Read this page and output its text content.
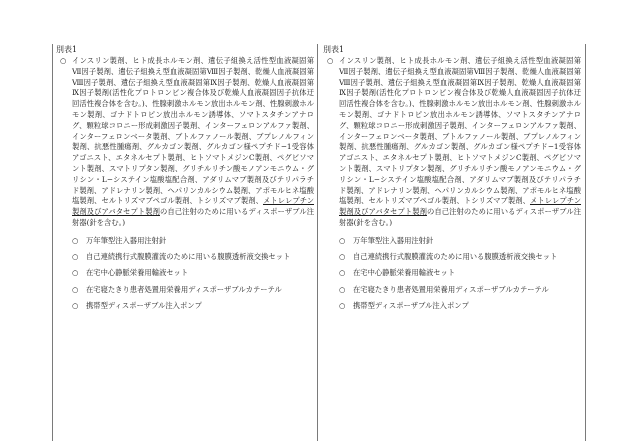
別表1

○ インスリン製剤、ヒト成長ホルモン剤、遺伝子組換え活性型血液凝固第Ⅶ因子製剤、遺伝子組換え型血液凝固第Ⅷ因子製剤、乾燥人血液凝固第Ⅷ因子製剤、遺伝子組換え型血液凝固第Ⅸ因子製剤、乾燥人血液凝固第Ⅸ因子製剤(活性化プロトロンビン複合体及び乾燥人血液凝固因子抗体迂回活性複合体を含む。)、性腺刺激ホルモン放出ホルモン剤、性腺刺激ホルモン製剤、ゴナドトロピン放出ホルモン誘導体、ソマトスタチンアナログ、顆粒球コロニー形成刺激因子製剤、インターフェロンアルファ製剤、インターフェロンベータ製剤、ブトルファノール製剤、ブプレノルフィン製剤、抗悪性腫瘍剤、グルカゴン製剤、グルカゴン様ペプチド−1受容体アゴニスト、エタネルセプト製剤、ヒトソマトメジンC製剤、ペグビソマント製剤、スマトリプタン製剤、グリチルリチン酸モノアンモニウム・グリシン・L−システイン塩酸塩配合剤、アダリムマブ製剤及びテリパラチド製剤、アドレナリン製剤、ヘパリンカルシウム製剤、アポモルヒネ塩酸塩製剤、セルトリズマブペゴル製剤、トシリズマブ製剤、メトレレプチン製剤及びアバタセプト製剤の自己注射のために用いるディスポーザブル注射器(針を含む。)

○ 万年筆型注入器用注射針
○ 自己連続携行式腹膜灌流のために用いる腹膜透析液交換セット
○ 在宅中心静脈栄養用輸液セット
○ 在宅寝たきり患者処置用栄養用ディスポーザブルカテーテル
○ 携帯型ディスポーザブル注入ポンプ

別表1

○ インスリン製剤、ヒト成長ホルモン剤、遺伝子組換え活性型血液凝固第Ⅶ因子製剤、遺伝子組換え型血液凝固第Ⅷ因子製剤、乾燥人血液凝固第Ⅷ因子製剤、遺伝子組換え型血液凝固第Ⅸ因子製剤、乾燥人血液凝固第Ⅸ因子製剤(活性化プロトロンビン複合体及び乾燥人血液凝固因子抗体迂回活性複合体を含む。)、性腺刺激ホルモン放出ホルモン剤、性腺刺激ホルモン製剤、ゴナドトロピン放出ホルモン誘導体、ソマトスタチンアナログ、顆粒球コロニー形成刺激因子製剤、インターフェロンアルファ製剤、インターフェロンベータ製剤、ブトルファノール製剤、ブプレノルフィン製剤、抗悪性腫瘍剤、グルカゴン製剤、グルカゴン様ペプチド−1受容体アゴニスト、エタネルセプト製剤、ヒトソマトメジンC製剤、ペグビソマント製剤、スマトリプタン製剤、グリチルリチン酸モノアンモニウム・グリシン・L−システイン塩酸塩配合剤、アダリムマブ製剤及びテリパラチド製剤、アドレナリン製剤、ヘパリンカルシウム製剤、アポモルヒネ塩酸塩製剤、セルトリズマブペゴル製剤、トシリズマブ製剤、メトレレプチン製剤及びアバタセプト製剤の自己注射のために用いるディスポーザブル注射器(針を含む。)

○ 万年筆型注入器用注射針
○ 自己連続携行式腹膜灌流のために用いる腹膜透析液交換セット
○ 在宅中心静脈栄養用輸液セット
○ 在宅寝たきり患者処置用栄養用ディスポーザブルカテーテル
○ 携帯型ディスポーザブル注入ポンプ
